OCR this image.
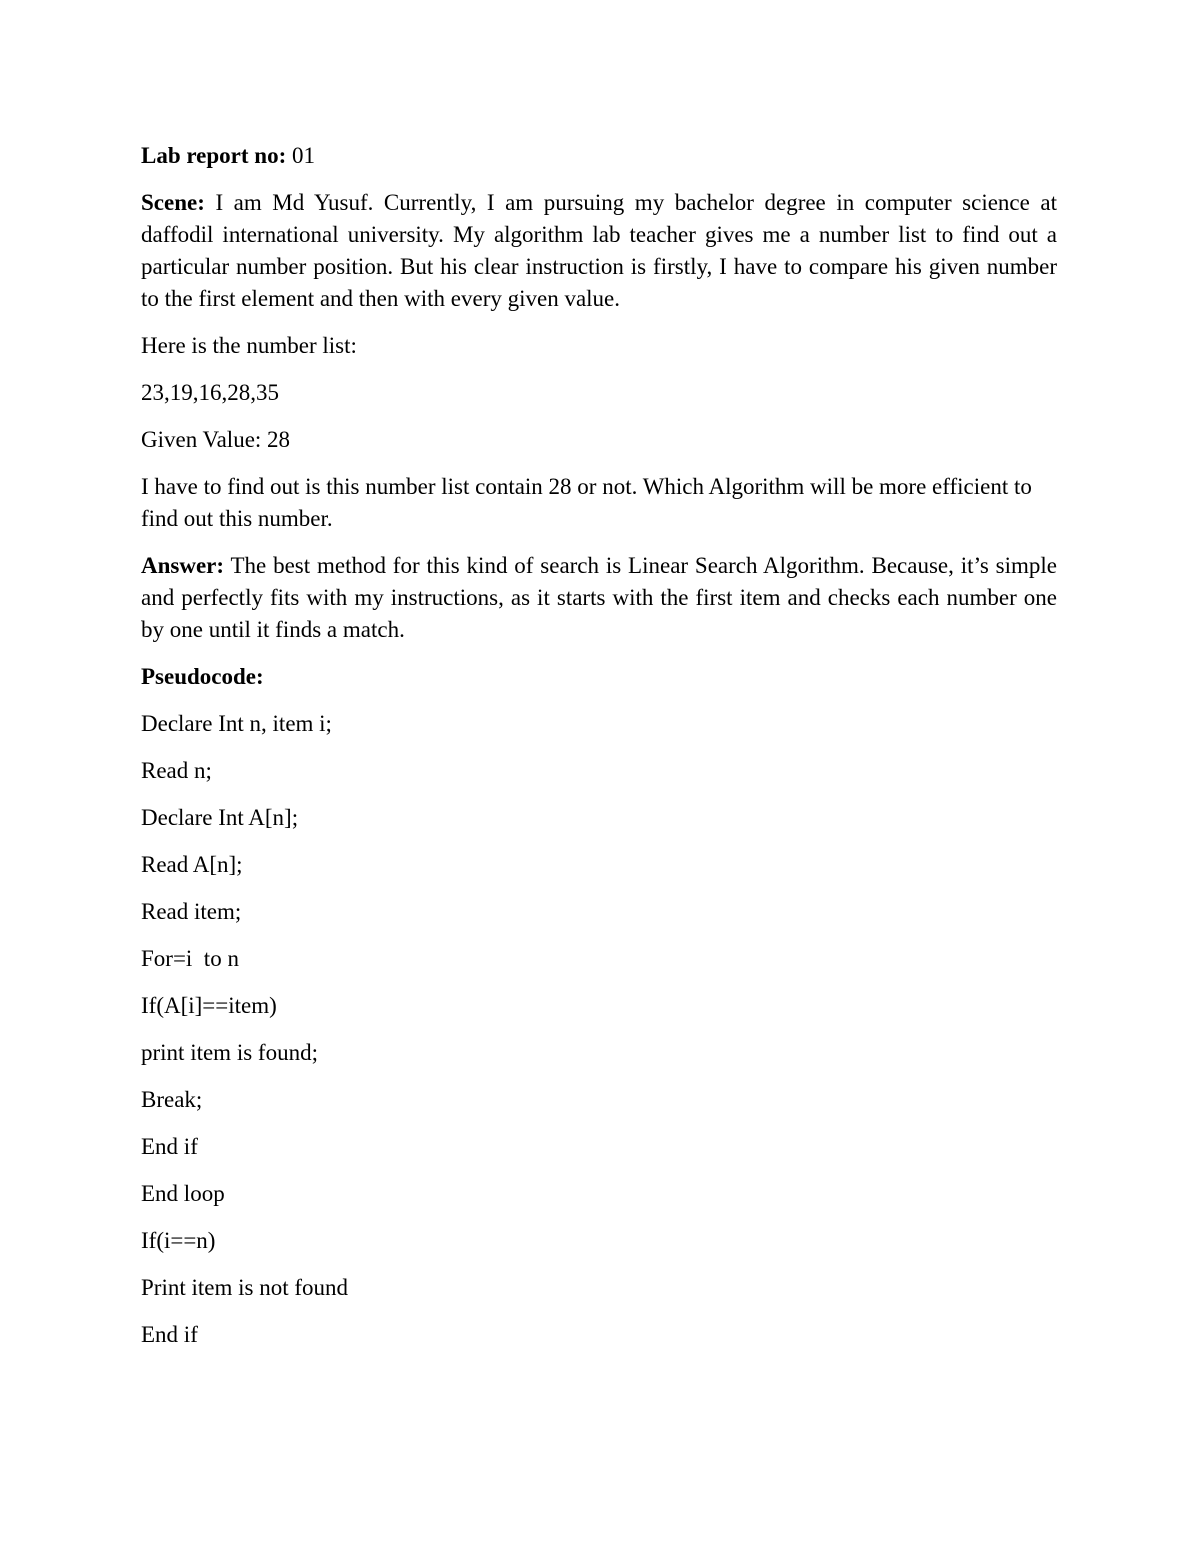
Lab report no: 01

Scene: I am Md Yusuf. Currently, I am pursuing my bachelor degree in computer science at daffodil international university. My algorithm lab teacher gives me a number list to find out a particular number position. But his clear instruction is firstly, I have to compare his given number to the first element and then with every given value.

Here is the number list:

23,19,16,28,35

Given Value: 28

I have to find out is this number list contain 28 or not. Which Algorithm will be more efficient to find out this number.

Answer: The best method for this kind of search is Linear Search Algorithm. Because, it’s simple and perfectly fits with my instructions, as it starts with the first item and checks each number one by one until it finds a match.

Pseudocode:

Declare Int n, item i;

Read n;

Declare Int A[n];

Read A[n];

Read item;

For=i  to n

If(A[i]==item)

print item is found;

Break;

End if

End loop

If(i==n)

Print item is not found

End if
